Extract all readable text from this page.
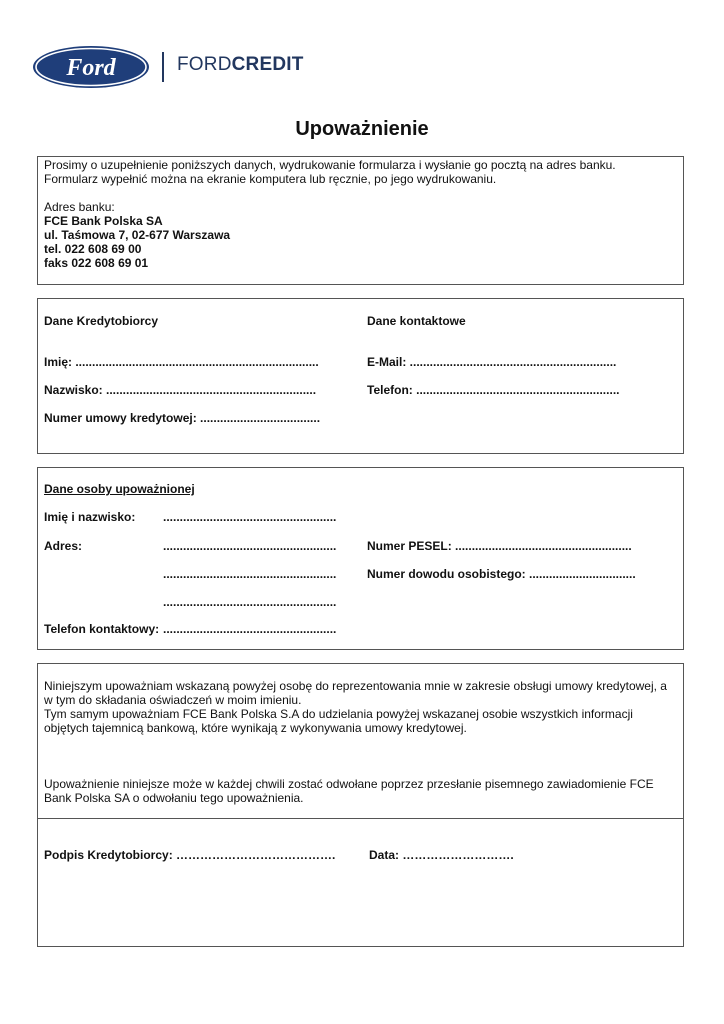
Ford	FORDCREDIT
Upoważnienie
Prosimy o uzupełnienie poniższych danych, wydrukowanie formularza i wysłanie go pocztą na adres banku.
Formularz wypełnić można na ekranie komputera lub ręcznie, po jego wydrukowaniu.
Adres banku:
FCE Bank Polska SA
ul. Taśmowa 7, 02-677 Warszawa
tel. 022 608 69 00
faks 022 608 69 01
Dane Kredytobiorcy	Dane kontaktowe
Imię: .........................................................................	E-Mail: ..............................................................
Nazwisko: ...............................................................	Telefon: .............................................................
Numer umowy kredytowej: ....................................
Dane osoby upoważnionej
Imię i nazwisko: ....................................................
Adres:	....................................................	Numer PESEL: .....................................................
....................................................	Numer dowodu osobistego: ................................
....................................................
Telefon kontaktowy: ....................................................
Niniejszym upoważniam wskazaną powyżej osobę do reprezentowania mnie w zakresie obsługi umowy kredytowej, a w tym do składania oświadczeń w moim imieniu.
Tym samym upoważniam FCE Bank Polska S.A do udzielania powyżej wskazanej osobie wszystkich informacji objętych tajemnicą bankową, które wynikają z wykonywania umowy kredytowej.
Upoważnienie niniejsze może w każdej chwili zostać odwołane poprzez przesłanie pisemnego zawiadomienie FCE Bank Polska SA o odwołaniu tego upoważnienia.
Podpis Kredytobiorcy: ………………………………….	Data: ……………………….
